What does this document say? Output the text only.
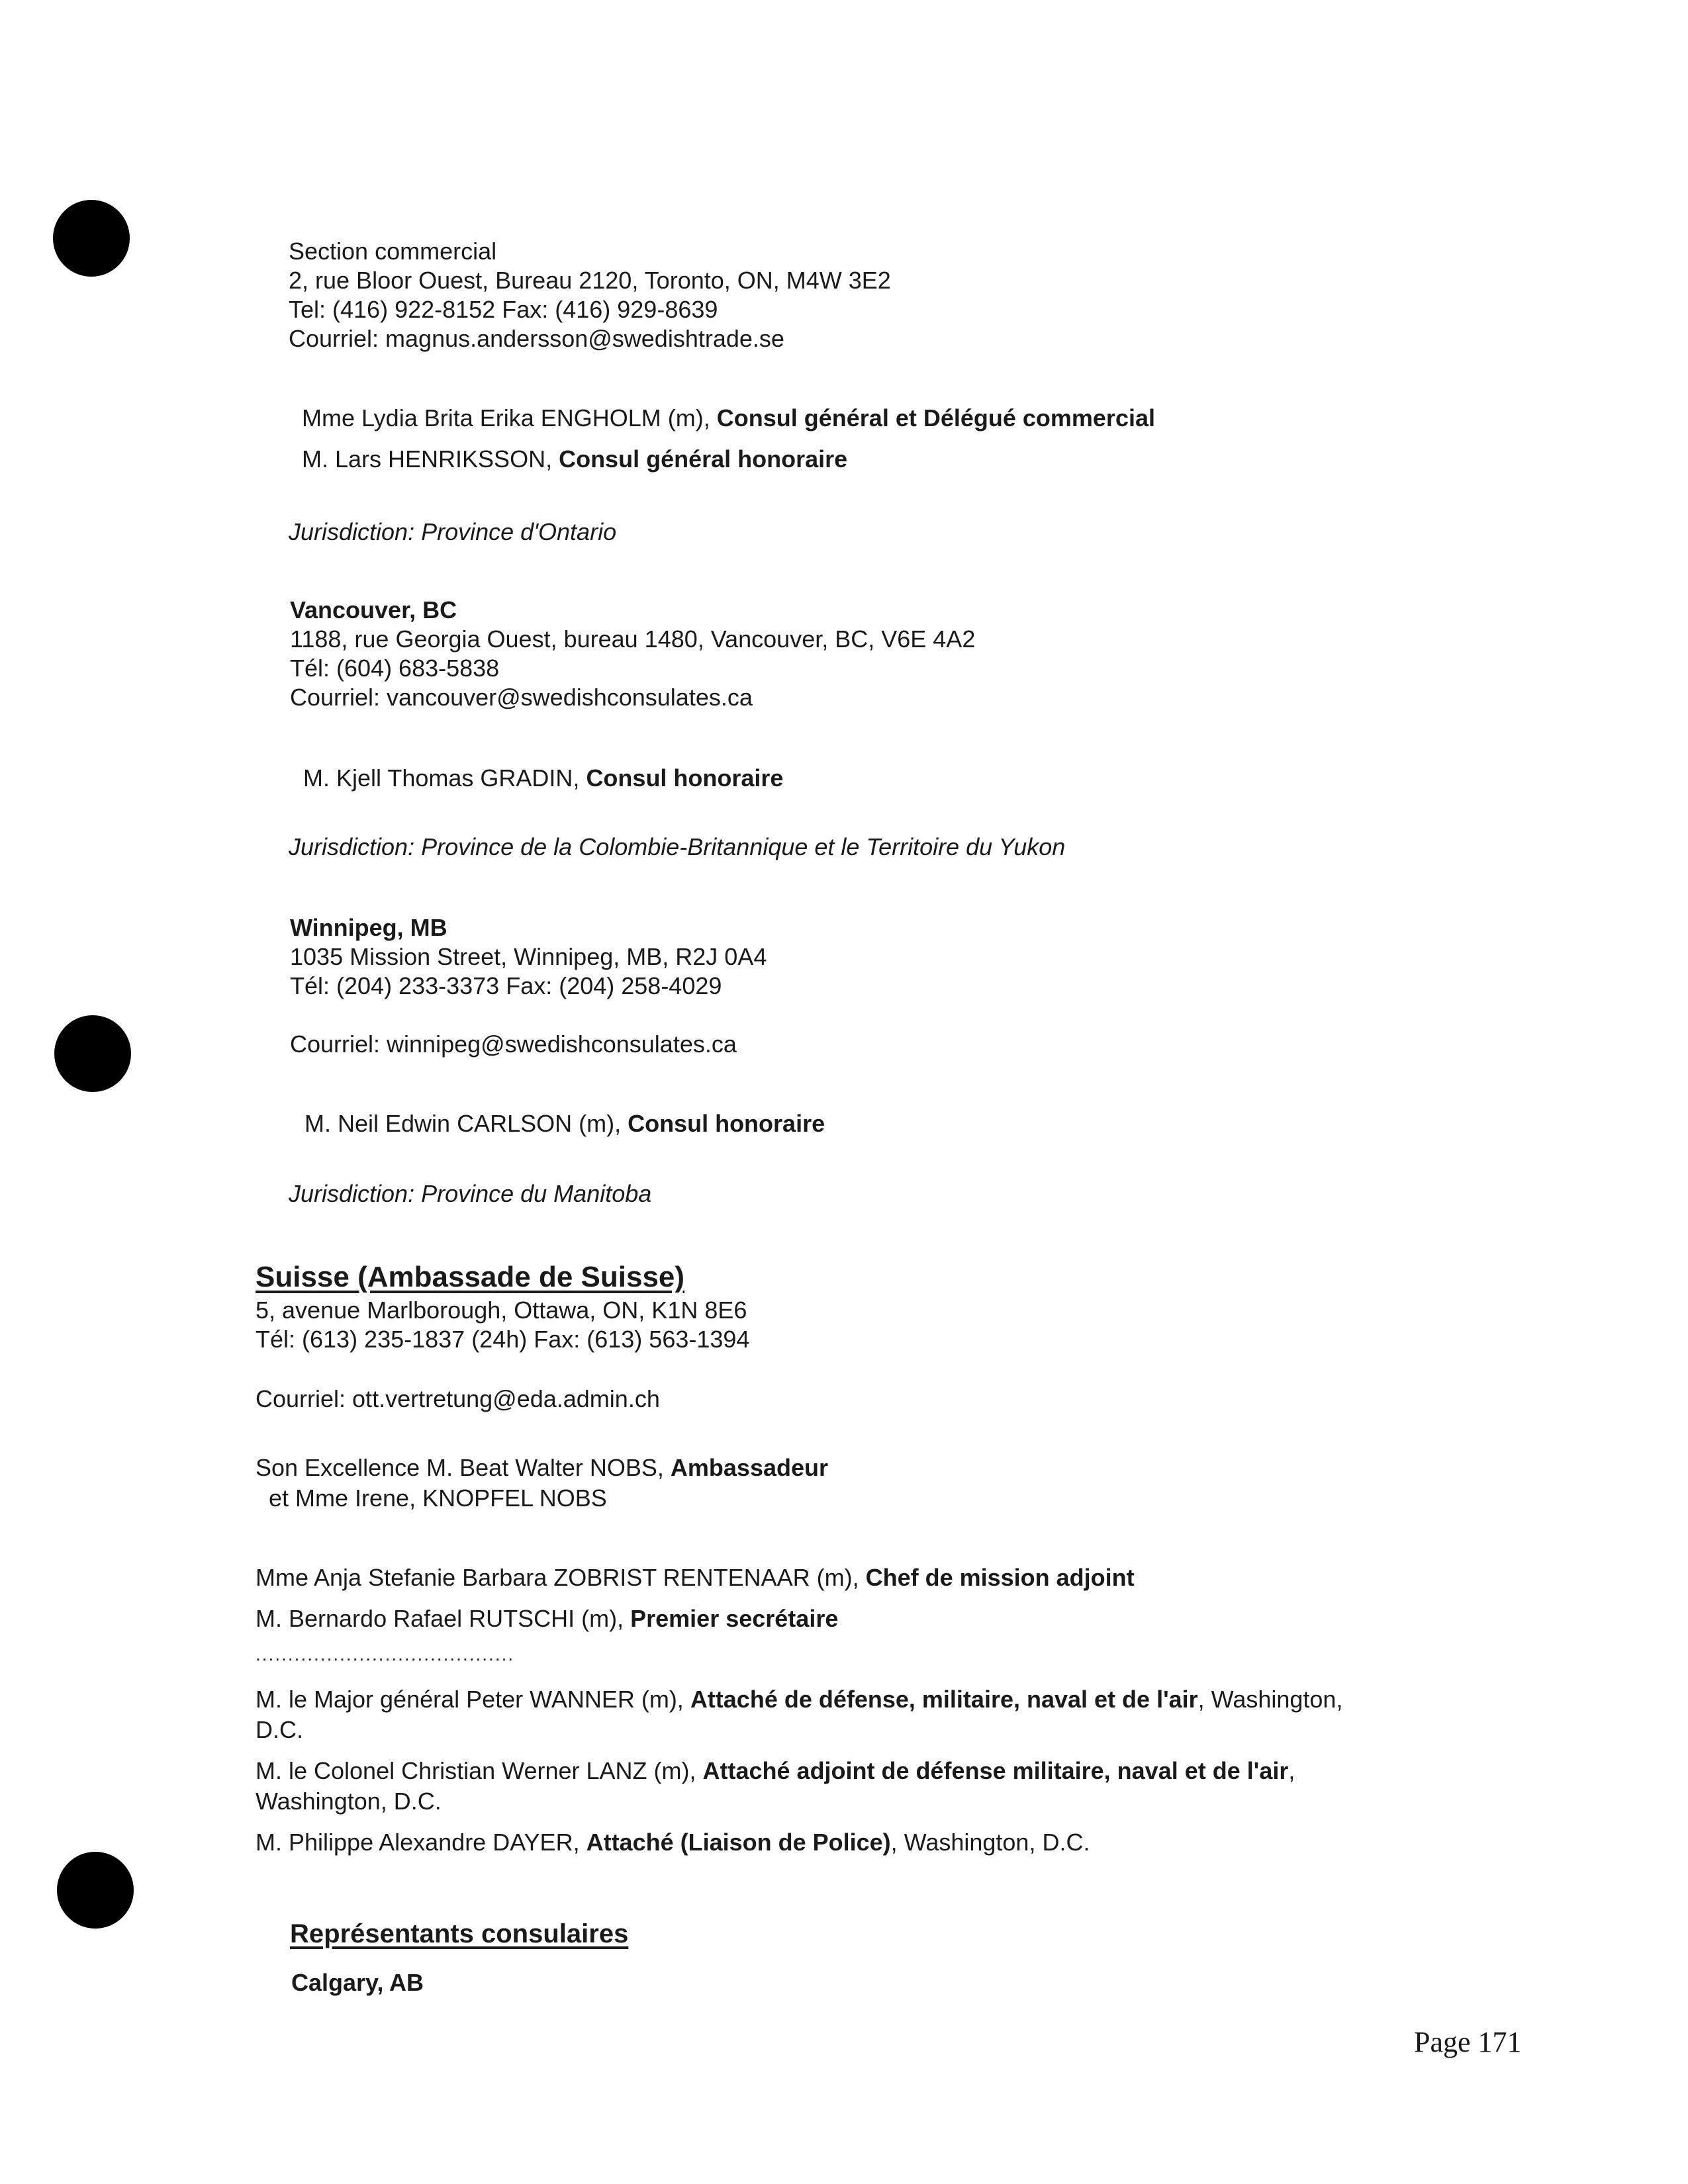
Section commercial
2, rue Bloor Ouest, Bureau 2120, Toronto, ON, M4W 3E2
Tel: (416) 922-8152 Fax: (416) 929-8639
Courriel: magnus.andersson@swedishtrade.se
Mme Lydia Brita Erika ENGHOLM (m), Consul général et Délégué commercial
M. Lars HENRIKSSON, Consul général honoraire
Jurisdiction: Province d'Ontario
Vancouver, BC
1188, rue Georgia Ouest, bureau 1480, Vancouver, BC, V6E 4A2
Tél: (604) 683-5838
Courriel: vancouver@swedishconsulates.ca
M. Kjell Thomas GRADIN, Consul honoraire
Jurisdiction: Province de la Colombie-Britannique et le Territoire du Yukon
Winnipeg, MB
1035 Mission Street, Winnipeg, MB, R2J 0A4
Tél: (204) 233-3373 Fax: (204) 258-4029
Courriel: winnipeg@swedishconsulates.ca
M. Neil Edwin CARLSON (m), Consul honoraire
Jurisdiction: Province du Manitoba
Suisse (Ambassade de Suisse)
5, avenue Marlborough, Ottawa, ON, K1N 8E6
Tél: (613) 235-1837 (24h) Fax: (613) 563-1394
Courriel: ott.vertretung@eda.admin.ch
Son Excellence M. Beat Walter NOBS, Ambassadeur
et Mme Irene, KNOPFEL NOBS
Mme Anja Stefanie Barbara ZOBRIST RENTENAAR (m), Chef de mission adjoint
M. Bernardo Rafael RUTSCHI (m), Premier secrétaire
........................................
M. le Major général Peter WANNER (m), Attaché de défense, militaire, naval et de l'air, Washington,
D.C.
M. le Colonel Christian Werner LANZ (m), Attaché adjoint de défense militaire, naval et de l'air,
Washington, D.C.
M. Philippe Alexandre DAYER, Attaché (Liaison de Police), Washington, D.C.
Représentants consulaires
Calgary, AB
Page 171
